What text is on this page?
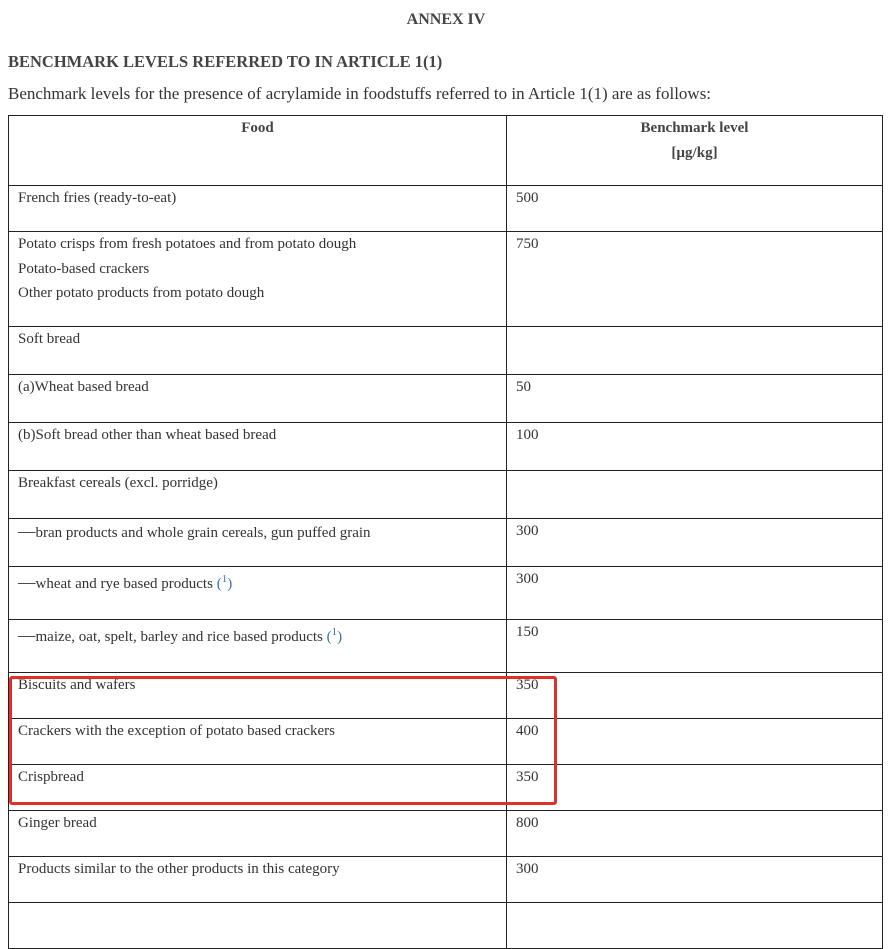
ANNEX IV
BENCHMARK LEVELS REFERRED TO IN ARTICLE 1(1)
Benchmark levels for the presence of acrylamide in foodstuffs referred to in Article 1(1) are as follows:
Food	Benchmark level
[µg/kg]

French fries (ready-to-eat)	500

Potato crisps from fresh potatoes and from potato dough
Potato-based crackers
Other potato products from potato dough	750
Soft bread	
(a)Wheat based bread	50
(b)Soft bread other than wheat based bread	100
Breakfast cereals (excl. porridge)	
—bran products and whole grain cereals, gun puffed grain	300
—wheat and rye based products ($^1$)	300
—maize, oat, spelt, barley and rice based products ($^1$)	150
Biscuits and wafers	350
Crackers with the exception of potato based crackers	400
Crispbread	350
Ginger bread	800
Products similar to the other products in this category	300
